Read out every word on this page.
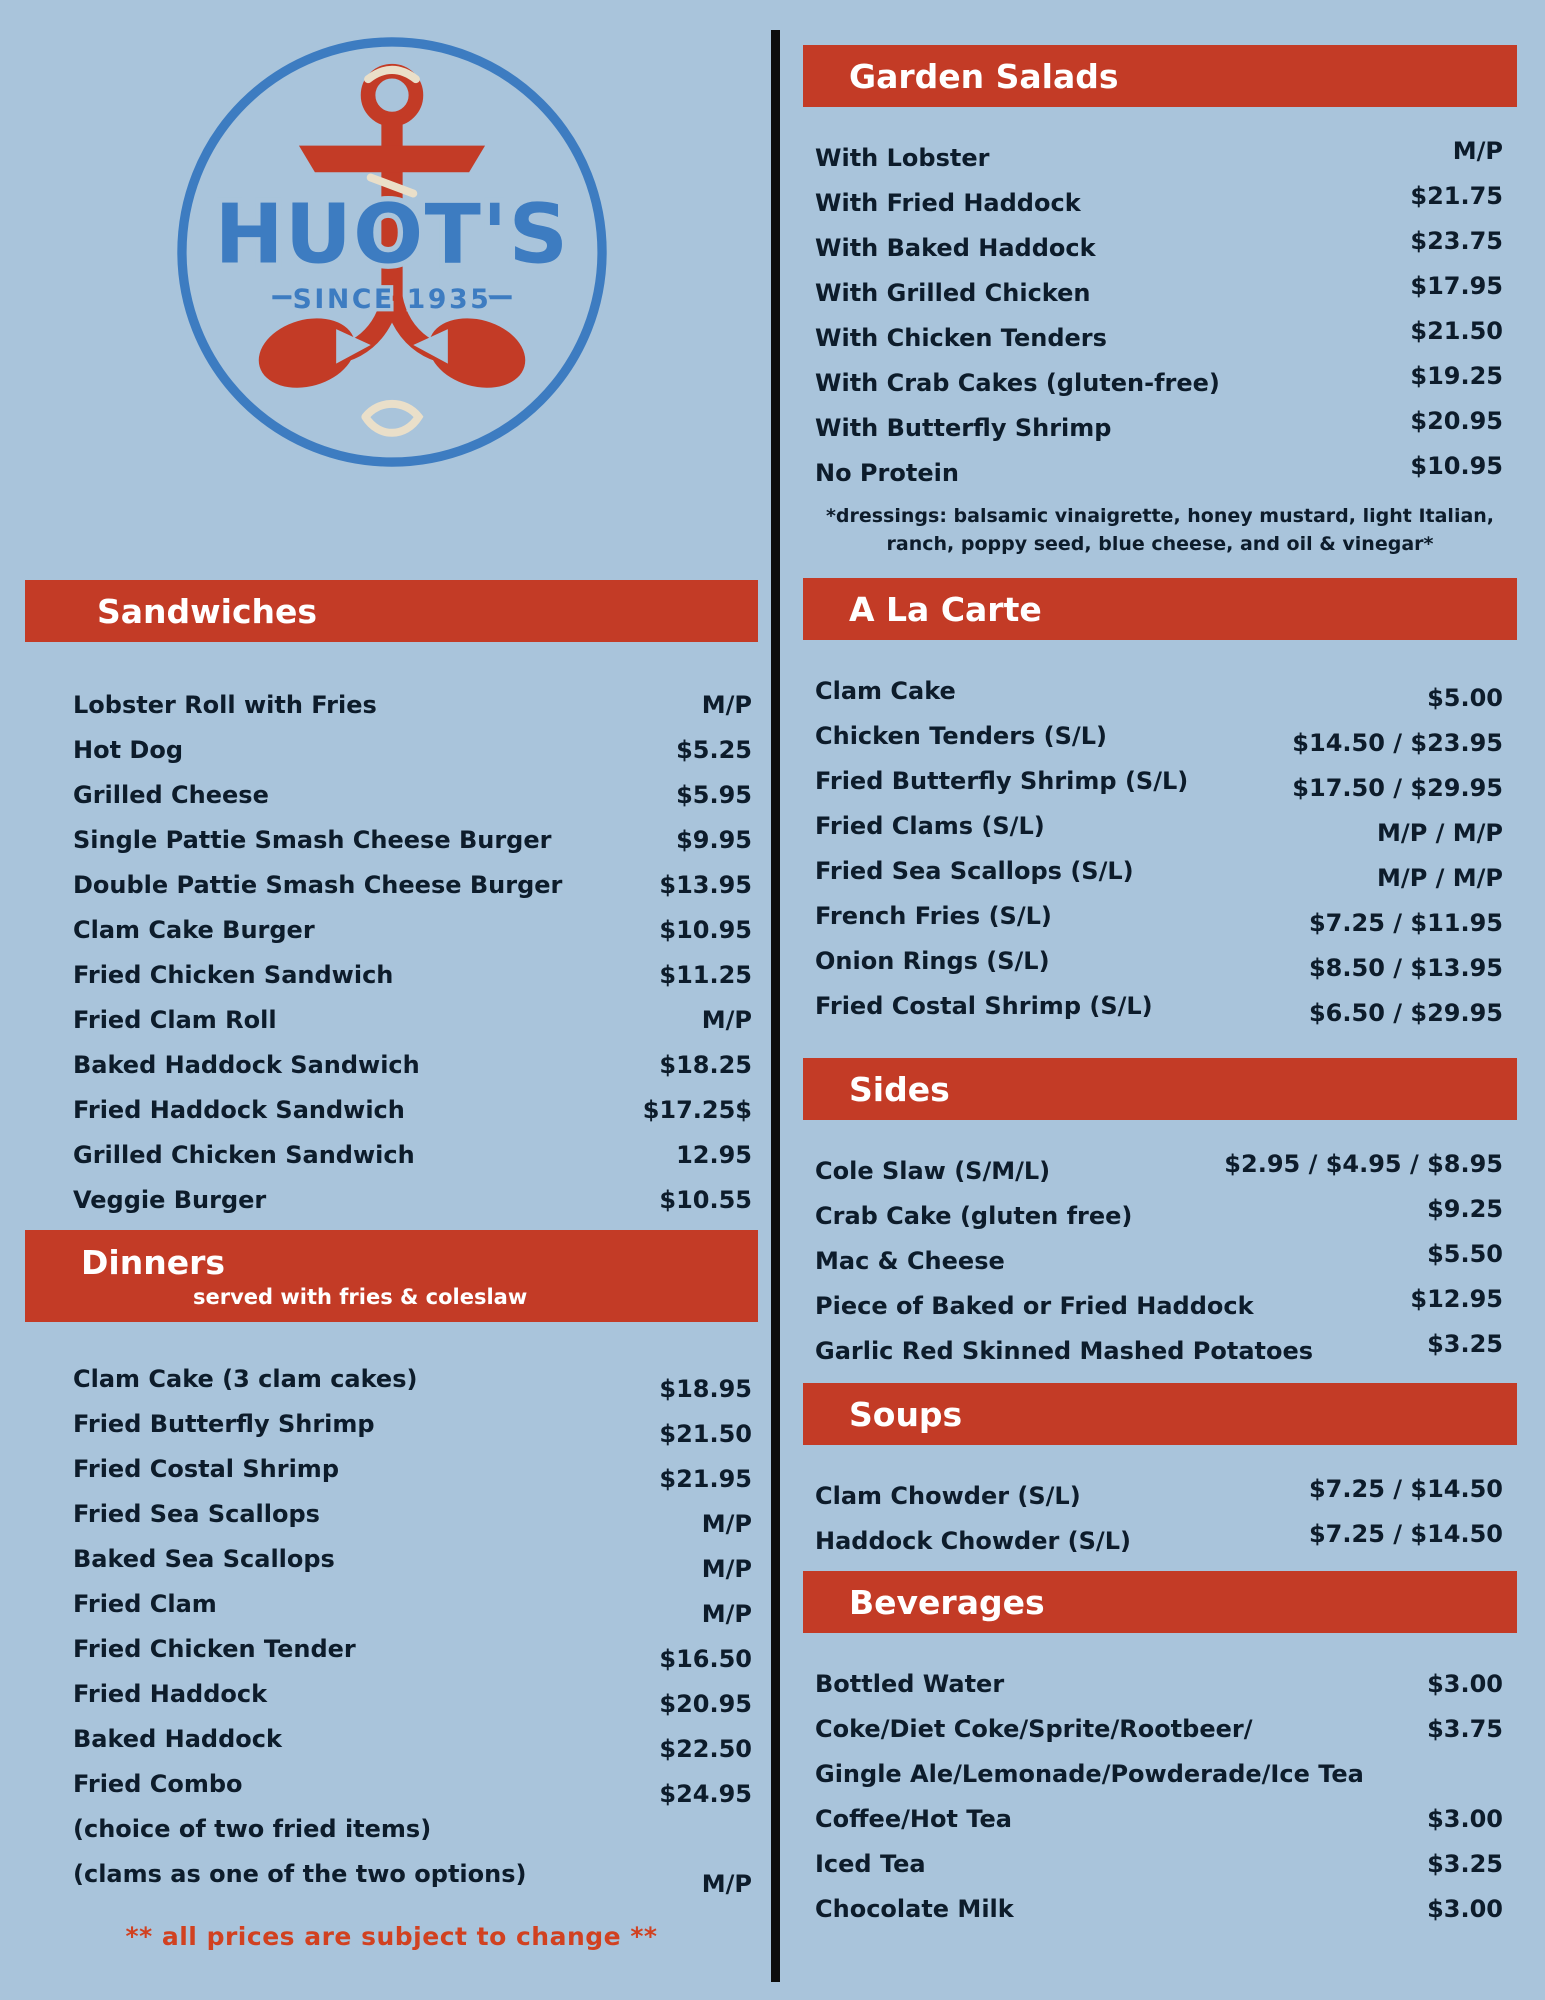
HUOT'S
SINCE 1935
Sandwiches
Lobster Roll with Fries	M/P
Hot Dog	$5.25
Grilled Cheese	$5.95
Single Pattie Smash Cheese Burger	$9.95
Double Pattie Smash Cheese Burger	$13.95
Clam Cake Burger	$10.95
Fried Chicken Sandwich	$11.25
Fried Clam Roll	M/P
Baked Haddock Sandwich	$18.25
Fried Haddock Sandwich	$17.25$
Grilled Chicken Sandwich	12.95
Veggie Burger	$10.55
Dinners
served with fries & coleslaw
Clam Cake (3 clam cakes)	$18.95
Fried Butterfly Shrimp	$21.50
Fried Costal Shrimp	$21.95
Fried Sea Scallops	M/P
Baked Sea Scallops	M/P
Fried Clam	M/P
Fried Chicken Tender	$16.50
Fried Haddock	$20.95
Baked Haddock	$22.50
Fried Combo	$24.95
(choice of two fried items)
(clams as one of the two options)	M/P
** all prices are subject to change **
Garden Salads
With Lobster	M/P
With Fried Haddock	$21.75
With Baked Haddock	$23.75
With Grilled Chicken	$17.95
With Chicken Tenders	$21.50
With Crab Cakes (gluten-free)	$19.25
With Butterfly Shrimp	$20.95
No Protein	$10.95
*dressings: balsamic vinaigrette, honey mustard, light Italian, ranch, poppy seed, blue cheese, and oil & vinegar*
A La Carte
Clam Cake	$5.00
Chicken Tenders (S/L)	$14.50 / $23.95
Fried Butterfly Shrimp (S/L)	$17.50 / $29.95
Fried Clams (S/L)	M/P / M/P
Fried Sea Scallops (S/L)	M/P / M/P
French Fries (S/L)	$7.25 / $11.95
Onion Rings (S/L)	$8.50 / $13.95
Fried Costal Shrimp (S/L)	$6.50 / $29.95
Sides
Cole Slaw (S/M/L)	$2.95 / $4.95 / $8.95
Crab Cake (gluten free)	$9.25
Mac & Cheese	$5.50
Piece of Baked or Fried Haddock	$12.95
Garlic Red Skinned Mashed Potatoes	$3.25
Soups
Clam Chowder (S/L)	$7.25 / $14.50
Haddock Chowder (S/L)	$7.25 / $14.50
Beverages
Bottled Water	$3.00
Coke/Diet Coke/Sprite/Rootbeer/	$3.75
Gingle Ale/Lemonade/Powderade/Ice Tea
Coffee/Hot Tea	$3.00
Iced Tea	$3.25
Chocolate Milk	$3.00
